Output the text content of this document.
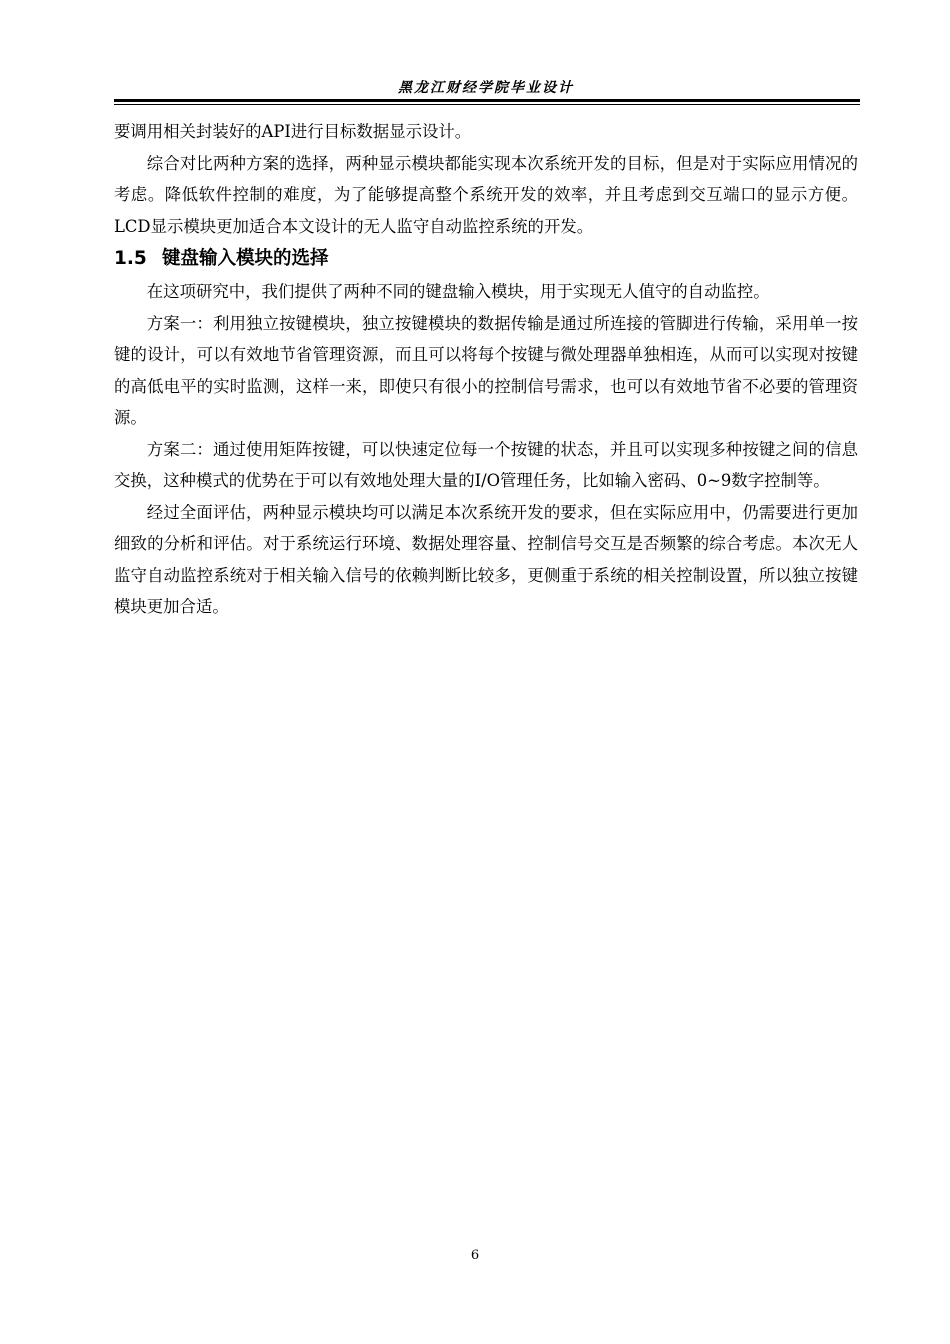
黑龙江财经学院毕业设计

要调用相关封装好的API进行目标数据显示设计。

综合对比两种方案的选择，两种显示模块都能实现本次系统开发的目标，但是对于实际应用情况的考虑。降低软件控制的难度，为了能够提高整个系统开发的效率，并且考虑到交互端口的显示方便。LCD显示模块更加适合本文设计的无人监守自动监控系统的开发。

1.5 键盘输入模块的选择

在这项研究中，我们提供了两种不同的键盘输入模块，用于实现无人值守的自动监控。

方案一：利用独立按键模块，独立按键模块的数据传输是通过所连接的管脚进行传输，采用单一按键的设计，可以有效地节省管理资源，而且可以将每个按键与微处理器单独相连，从而可以实现对按键的高低电平的实时监测，这样一来，即使只有很小的控制信号需求，也可以有效地节省不必要的管理资源。

方案二：通过使用矩阵按键，可以快速定位每一个按键的状态，并且可以实现多种按键之间的信息交换，这种模式的优势在于可以有效地处理大量的I/O管理任务，比如输入密码、0~9数字控制等。

经过全面评估，两种显示模块均可以满足本次系统开发的要求，但在实际应用中，仍需要进行更加细致的分析和评估。对于系统运行环境、数据处理容量、控制信号交互是否频繁的综合考虑。本次无人监守自动监控系统对于相关输入信号的依赖判断比较多，更侧重于系统的相关控制设置，所以独立按键模块更加合适。

6
